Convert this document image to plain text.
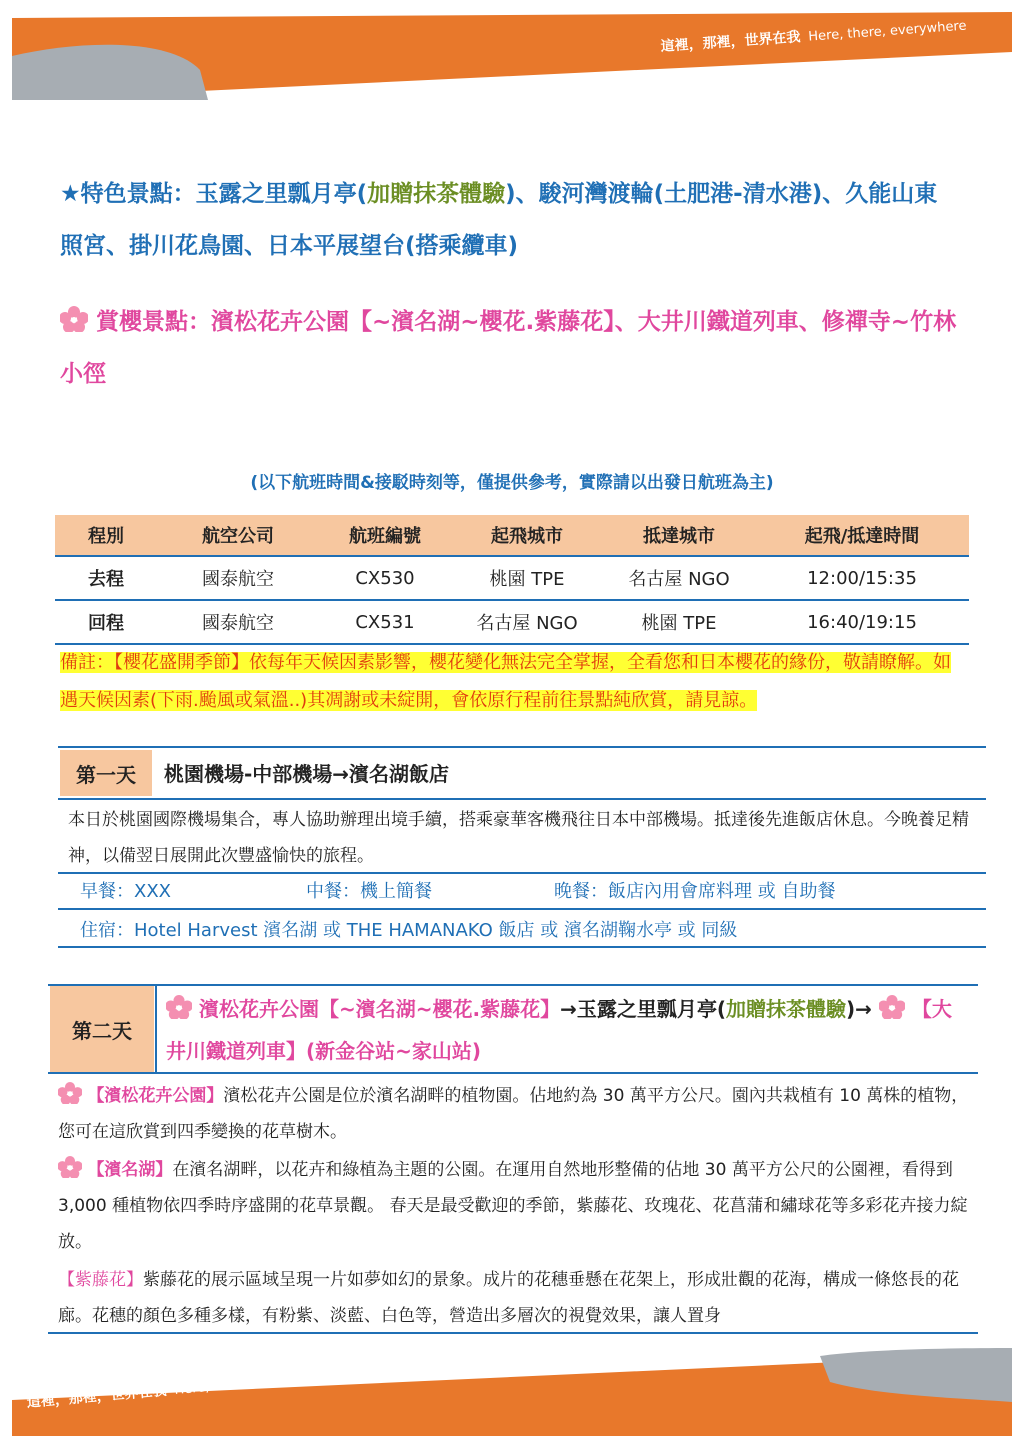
這裡，那裡，世界在我 Here, there, everywhere
★特色景點：玉露之里瓢月亭(加贈抹茶體驗)、駿河灣渡輪(土肥港-清水港)、久能山東照宮、掛川花鳥園、日本平展望台(搭乘纜車)
賞櫻景點：濱松花卉公園【~濱名湖~櫻花.紫藤花】、大井川鐵道列車、修禪寺~竹林小徑
(以下航班時間&接駁時刻等，僅提供參考，實際請以出發日航班為主)
程別	航空公司	航班編號	起飛城市	抵達城市	起飛/抵達時間
去程	國泰航空	CX530	桃園 TPE	名古屋 NGO	12:00/15:35
回程	國泰航空	CX531	名古屋 NGO	桃園 TPE	16:40/19:15
備註：【櫻花盛開季節】依每年天候因素影響，櫻花變化無法完全掌握，全看您和日本櫻花的緣份，敬請瞭解。如遇天候因素(下雨.颱風或氣溫..)其凋謝或未綻開，會依原行程前往景點純欣賞，請見諒。
第一天	桃園機場-中部機場→濱名湖飯店
本日於桃園國際機場集合，專人協助辦理出境手續，搭乘豪華客機飛往日本中部機場。抵達後先進飯店休息。今晚養足精神，以備翌日展開此次豐盛愉快的旅程。
早餐：XXX	中餐：機上簡餐	晚餐：飯店內用會席料理 或 自助餐
住宿：Hotel Harvest 濱名湖 或 THE HAMANAKO 飯店 或 濱名湖鞠水亭 或 同級
第二天
濱松花卉公園【~濱名湖~櫻花.紫藤花】→玉露之里瓢月亭(加贈抹茶體驗)→ 【大井川鐵道列車】(新金谷站~家山站)
【濱松花卉公園】濱松花卉公園是位於濱名湖畔的植物園。佔地約為 30 萬平方公尺。園內共栽植有 10 萬株的植物，您可在這欣賞到四季變換的花草樹木。
【濱名湖】在濱名湖畔，以花卉和綠植為主題的公園。在運用自然地形整備的佔地 30 萬平方公尺的公園裡，看得到 3,000 種植物依四季時序盛開的花草景觀。 春天是最受歡迎的季節，紫藤花、玫瑰花、花菖蒲和繡球花等多彩花卉接力綻放。
【紫藤花】紫藤花的展示區域呈現一片如夢如幻的景象。成片的花穗垂懸在花架上，形成壯觀的花海，構成一條悠長的花廊。花穗的顏色多種多樣，有粉紫、淡藍、白色等，營造出多層次的視覺效果，讓人置身
這裡，那裡，世界在我 Here, there, everywhere
